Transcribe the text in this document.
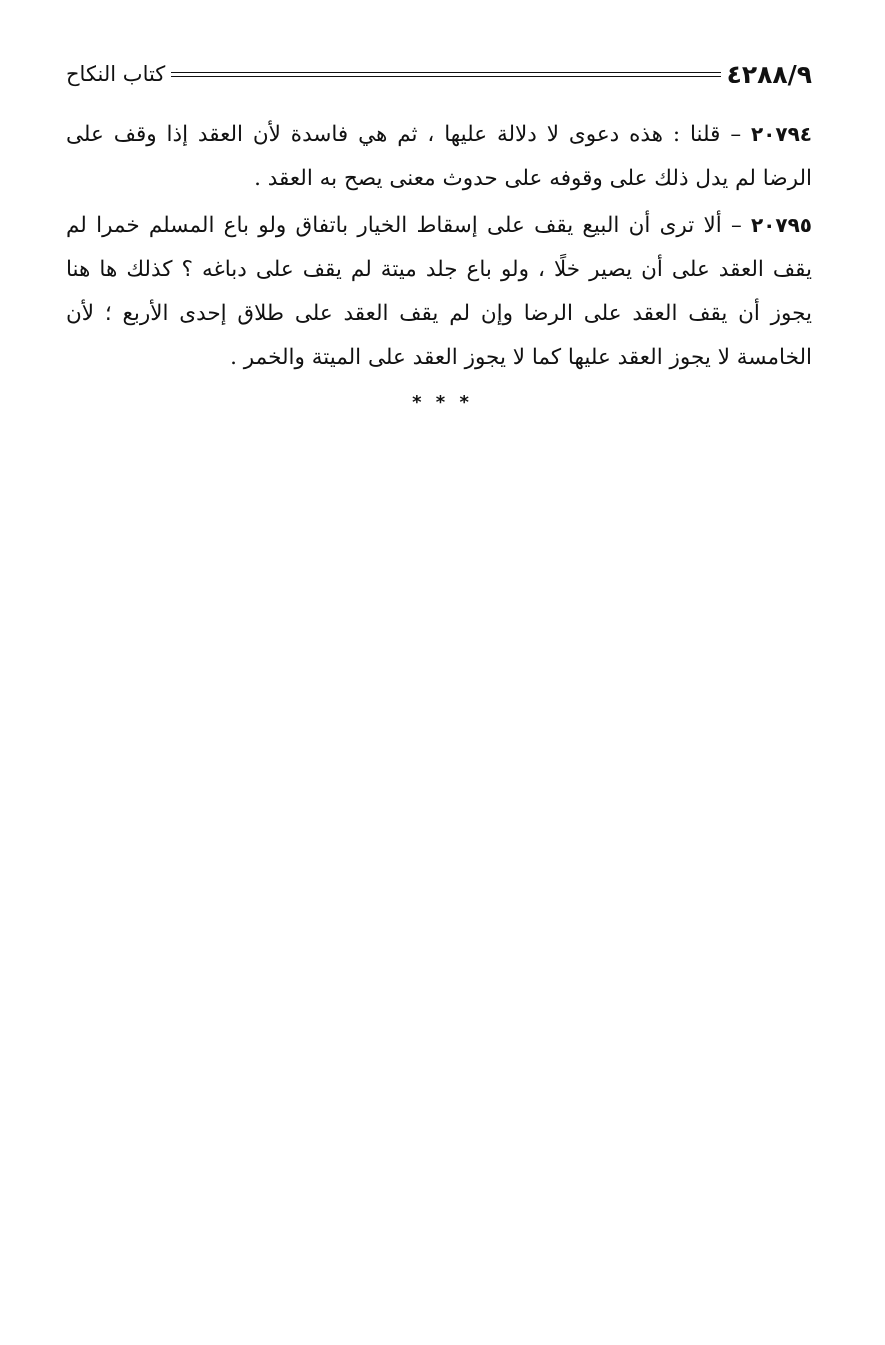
٤٢٨٨/٩
كتاب النكاح

٢٠٧٩٤ – قلنا : هذه دعوى لا دلالة عليها ، ثم هي فاسدة لأن العقد إذا وقف على الرضا لم يدل ذلك على وقوفه على حدوث معنى يصح به العقد .

٢٠٧٩٥ – ألا ترى أن البيع يقف على إسقاط الخيار باتفاق ولو باع المسلم خمرا لم يقف العقد على أن يصير خلًا ، ولو باع جلد ميتة لم يقف على دباغه ؟ كذلك ها هنا يجوز أن يقف العقد على الرضا وإن لم يقف العقد على طلاق إحدى الأربع ؛ لأن الخامسة لا يجوز العقد عليها كما لا يجوز العقد على الميتة والخمر .

* * *
